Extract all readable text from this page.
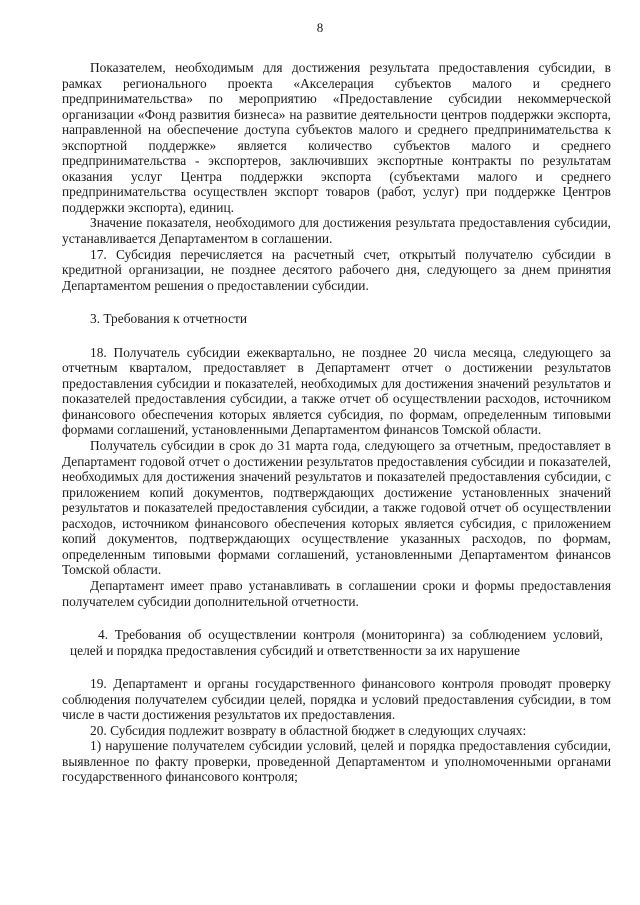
8

Показателем, необходимым для достижения результата предоставления субсидии, в рамках регионального проекта «Акселерация субъектов малого и среднего предпринимательства» по мероприятию «Предоставление субсидии некоммерческой организации «Фонд развития бизнеса» на развитие деятельности центров поддержки экспорта, направленной на обеспечение доступа субъектов малого и среднего предпринимательства к экспортной поддержке» является количество субъектов малого и среднего предпринимательства - экспортеров, заключивших экспортные контракты по результатам оказания услуг Центра поддержки экспорта (субъектами малого и среднего предпринимательства осуществлен экспорт товаров (работ, услуг) при поддержке Центров поддержки экспорта), единиц.

Значение показателя, необходимого для достижения результата предоставления субсидии, устанавливается Департаментом в соглашении.

17. Субсидия перечисляется на расчетный счет, открытый получателю субсидии в кредитной организации, не позднее десятого рабочего дня, следующего за днем принятия Департаментом решения о предоставлении субсидии.

3. Требования к отчетности

18. Получатель субсидии ежеквартально, не позднее 20 числа месяца, следующего за отчетным кварталом, предоставляет в Департамент отчет о достижении результатов предоставления субсидии и показателей, необходимых для достижения значений результатов и показателей предоставления субсидии, а также отчет об осуществлении расходов, источником финансового обеспечения которых является субсидия, по формам, определенным типовыми формами соглашений, установленными Департаментом финансов Томской области.

Получатель субсидии в срок до 31 марта года, следующего за отчетным, предоставляет в Департамент годовой отчет о достижении результатов предоставления субсидии и показателей, необходимых для достижения значений результатов и показателей предоставления субсидии, с приложением копий документов, подтверждающих достижение установленных значений результатов и показателей предоставления субсидии, а также годовой отчет об осуществлении расходов, источником финансового обеспечения которых является субсидия, с приложением копий документов, подтверждающих осуществление указанных расходов, по формам, определенным типовыми формами соглашений, установленными Департаментом финансов Томской области.

Департамент имеет право устанавливать в соглашении сроки и формы предоставления получателем субсидии дополнительной отчетности.

4. Требования об осуществлении контроля (мониторинга) за соблюдением условий, целей и порядка предоставления субсидий и ответственности за их нарушение

19. Департамент и органы государственного финансового контроля проводят проверку соблюдения получателем субсидии целей, порядка и условий предоставления субсидии, в том числе в части достижения результатов их предоставления.

20. Субсидия подлежит возврату в областной бюджет в следующих случаях:

1) нарушение получателем субсидии условий, целей и порядка предоставления субсидии, выявленное по факту проверки, проведенной Департаментом и уполномоченными органами государственного финансового контроля;
